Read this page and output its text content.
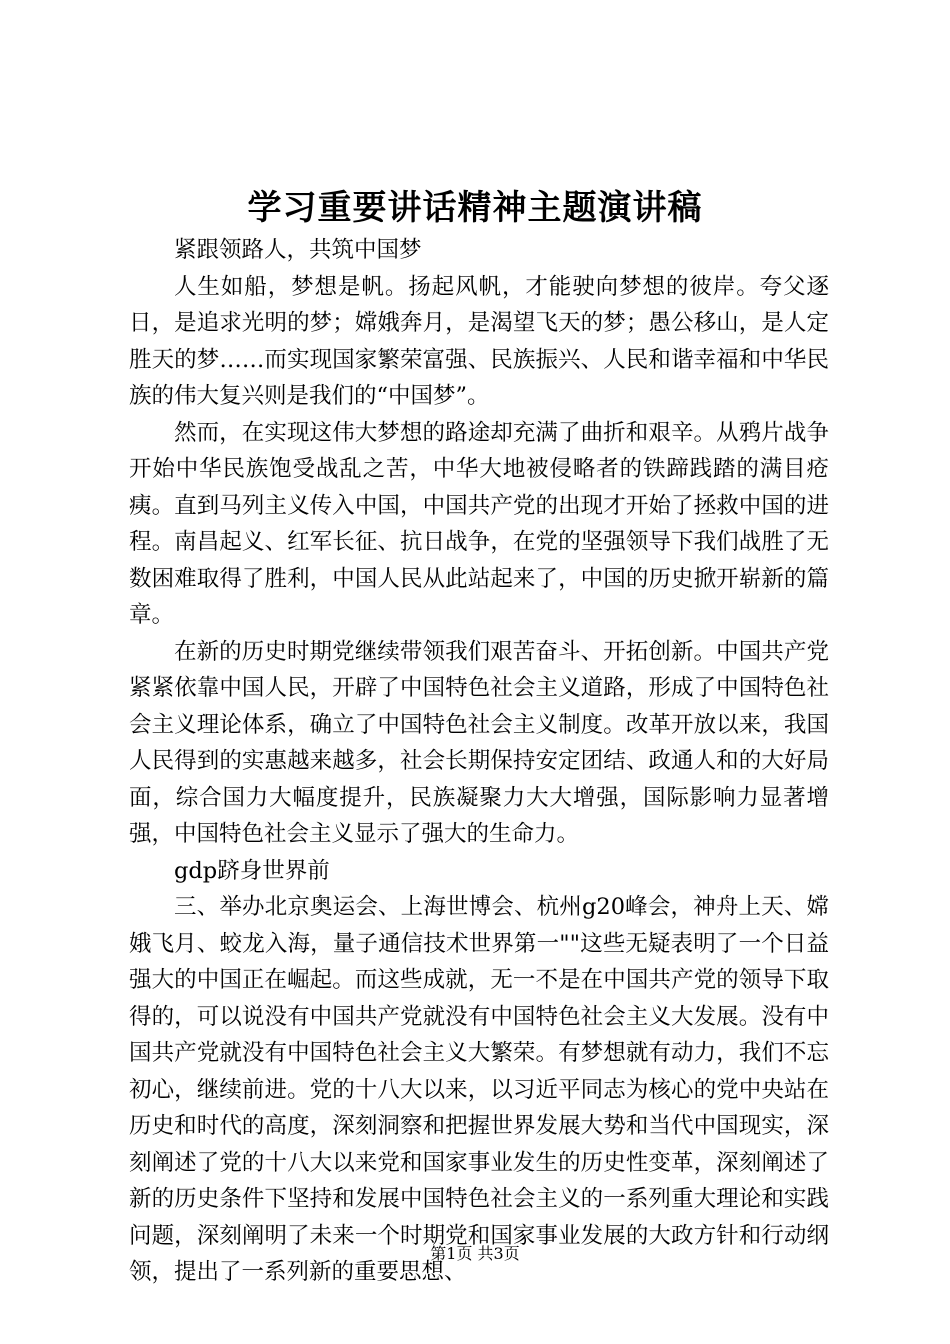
学习重要讲话精神主题演讲稿

紧跟领路人，共筑中国梦

人生如船，梦想是帆。扬起风帆，才能驶向梦想的彼岸。夸父逐日，是追求光明的梦；嫦娥奔月，是渴望飞天的梦；愚公移山，是人定胜天的梦……而实现国家繁荣富强、民族振兴、人民和谐幸福和中华民族的伟大复兴则是我们的“中国梦”。

然而，在实现这伟大梦想的路途却充满了曲折和艰辛。从鸦片战争开始中华民族饱受战乱之苦，中华大地被侵略者的铁蹄践踏的满目疮痍。直到马列主义传入中国，中国共产党的出现才开始了拯救中国的进程。南昌起义、红军长征、抗日战争，在党的坚强领导下我们战胜了无数困难取得了胜利，中国人民从此站起来了，中国的历史掀开崭新的篇章。

在新的历史时期党继续带领我们艰苦奋斗、开拓创新。中国共产党紧紧依靠中国人民，开辟了中国特色社会主义道路，形成了中国特色社会主义理论体系，确立了中国特色社会主义制度。改革开放以来，我国人民得到的实惠越来越多，社会长期保持安定团结、政通人和的大好局面，综合国力大幅度提升，民族凝聚力大大增强，国际影响力显著增强，中国特色社会主义显示了强大的生命力。

gdp跻身世界前

三、举办北京奥运会、上海世博会、杭州g20峰会，神舟上天、嫦娥飞月、蛟龙入海，量子通信技术世界第一""这些无疑表明了一个日益强大的中国正在崛起。而这些成就，无一不是在中国共产党的领导下取得的，可以说没有中国共产党就没有中国特色社会主义大发展。没有中国共产党就没有中国特色社会主义大繁荣。有梦想就有动力，我们不忘初心，继续前进。党的十八大以来，以习近平同志为核心的党中央站在历史和时代的高度，深刻洞察和把握世界发展大势和当代中国现实，深刻阐述了党的十八大以来党和国家事业发生的历史性变革，深刻阐述了新的历史条件下坚持和发展中国特色社会主义的一系列重大理论和实践问题，深刻阐明了未来一个时期党和国家事业发展的大政方针和行动纲领，提出了一系列新的重要思想、

第1页 共3页
